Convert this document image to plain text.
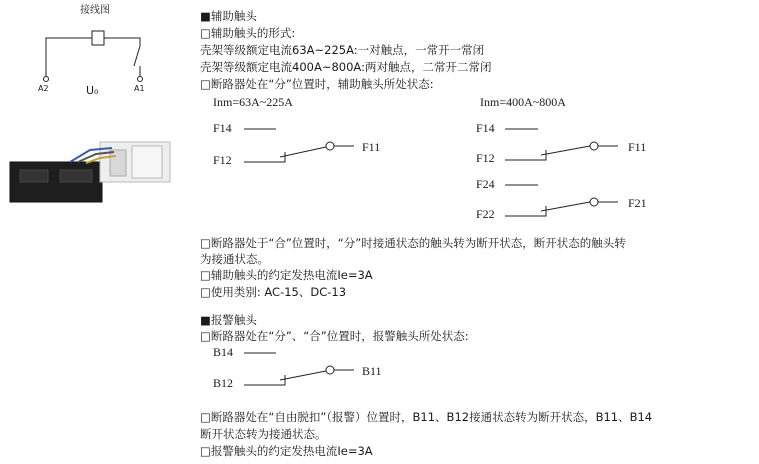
接线图
A2	A1
U₀
■辅助触头
□辅助触头的形式:
壳架等级额定电流63A~225A:一对触点，一常开一常闭
壳架等级额定电流400A~800A:两对触点，二常开二常闭
□断路器处在“分”位置时，辅助触头所处状态:
Inm=63A~225A	Inm=400A~800A
F14
F12
F11
F14
F12
F11
F24
F22
F21
□断路器处于“合”位置时，“分”时接通状态的触头转为断开状态，断开状态的触头转
为接通状态。
□辅助触头的约定发热电流Ie=3A
□使用类别: AC-15、DC-13
■报警触头
□断路器处在“分”、“合”位置时，报警触头所处状态:
B14
B12
B11
□断路器处在“自由脱扣”（报警）位置时，B11、B12接通状态转为断开状态，B11、B14
断开状态转为接通状态。
□报警触头的约定发热电流Ie=3A
